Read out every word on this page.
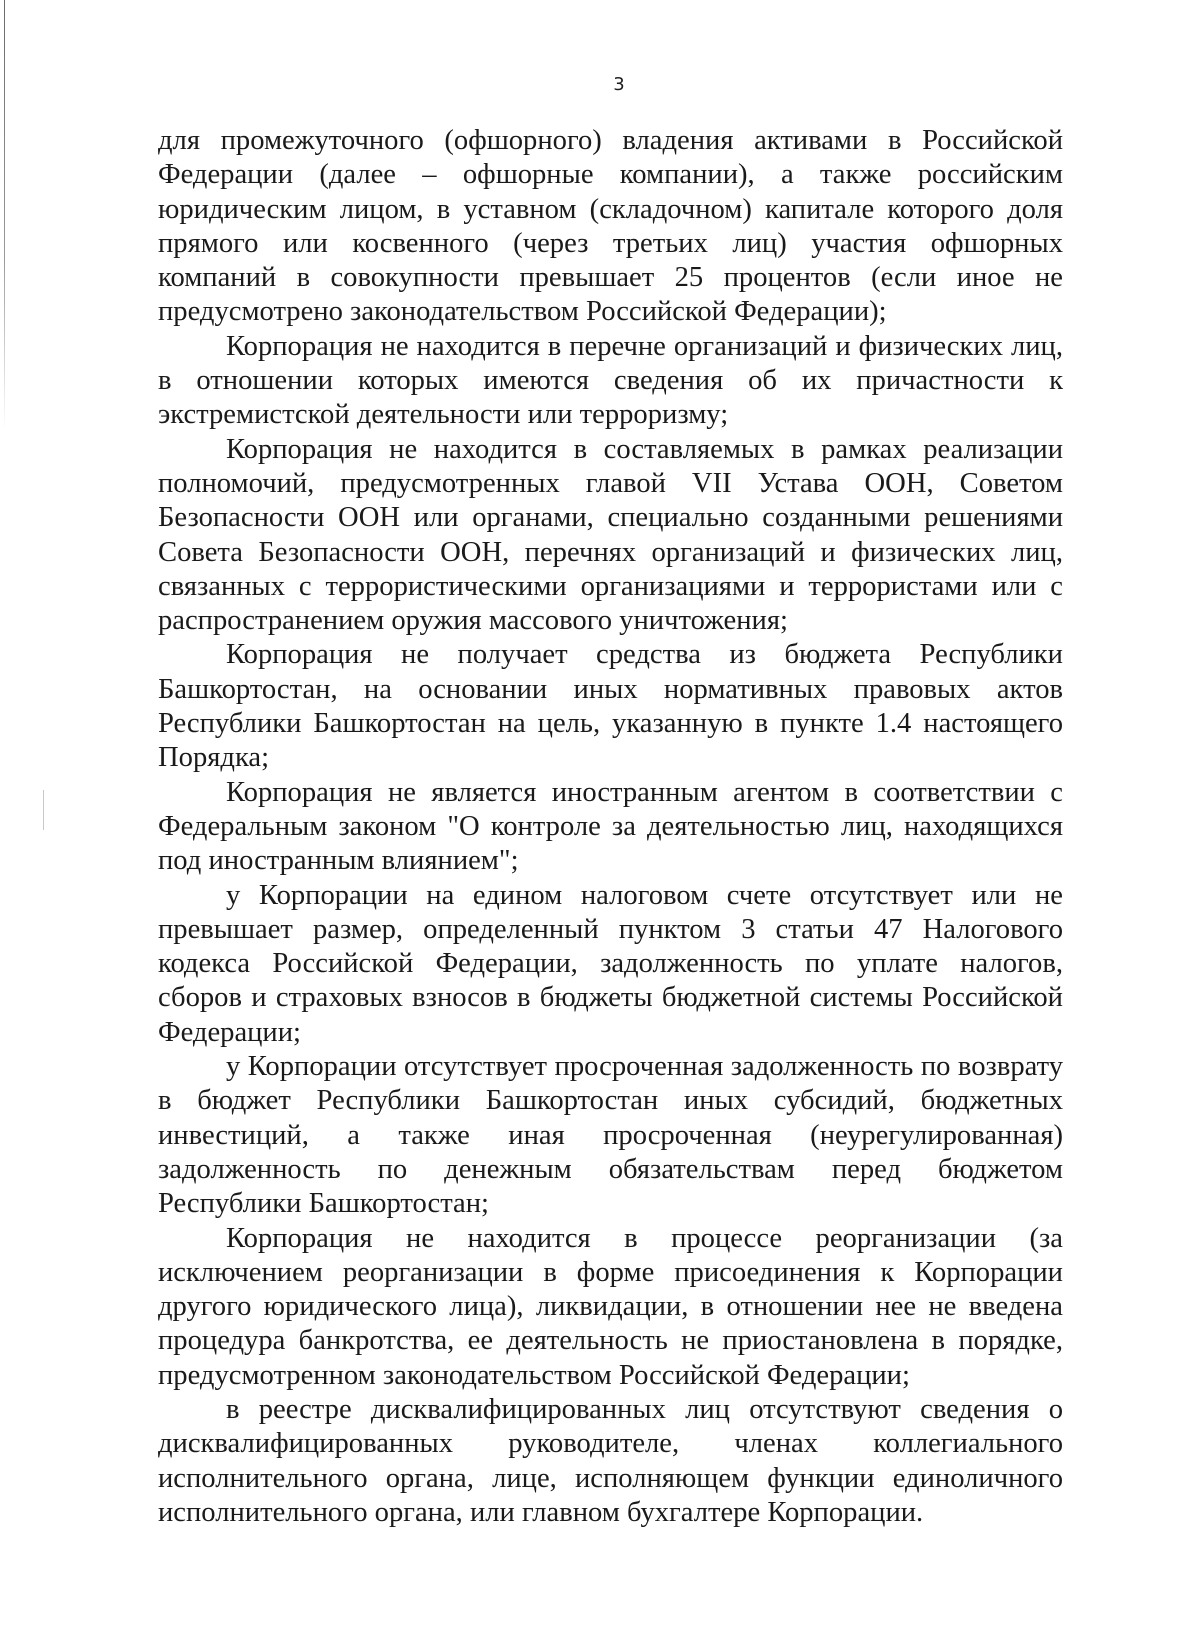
3

для промежуточного (офшорного) владения активами в Российской Федерации (далее – офшорные компании), а также российским юридическим лицом, в уставном (складочном) капитале которого доля прямого или косвенного (через третьих лиц) участия офшорных компаний в совокупности превышает 25 процентов (если иное не предусмотрено законодательством Российской Федерации);

Корпорация не находится в перечне организаций и физических лиц, в отношении которых имеются сведения об их причастности к экстремистской деятельности или терроризму;

Корпорация не находится в составляемых в рамках реализации полномочий, предусмотренных главой VII Устава ООН, Советом Безопасности ООН или органами, специально созданными решениями Совета Безопасности ООН, перечнях организаций и физических лиц, связанных с террористическими организациями и террористами или с распространением оружия массового уничтожения;

Корпорация не получает средства из бюджета Республики Башкортостан, на основании иных нормативных правовых актов Республики Башкортостан на цель, указанную в пункте 1.4 настоящего Порядка;

Корпорация не является иностранным агентом в соответствии с Федеральным законом "О контроле за деятельностью лиц, находящихся под иностранным влиянием";

у Корпорации на едином налоговом счете отсутствует или не превышает размер, определенный пунктом 3 статьи 47 Налогового кодекса Российской Федерации, задолженность по уплате налогов, сборов и страховых взносов в бюджеты бюджетной системы Российской Федерации;

у Корпорации отсутствует просроченная задолженность по возврату в бюджет Республики Башкортостан иных субсидий, бюджетных инвестиций, а также иная просроченная (неурегулированная) задолженность по денежным обязательствам перед бюджетом Республики Башкортостан;

Корпорация не находится в процессе реорганизации (за исключением реорганизации в форме присоединения к Корпорации другого юридического лица), ликвидации, в отношении нее не введена процедура банкротства, ее деятельность не приостановлена в порядке, предусмотренном законодательством Российской Федерации;

в реестре дисквалифицированных лиц отсутствуют сведения о дисквалифицированных руководителе, членах коллегиального исполнительного органа, лице, исполняющем функции единоличного исполнительного органа, или главном бухгалтере Корпорации.
